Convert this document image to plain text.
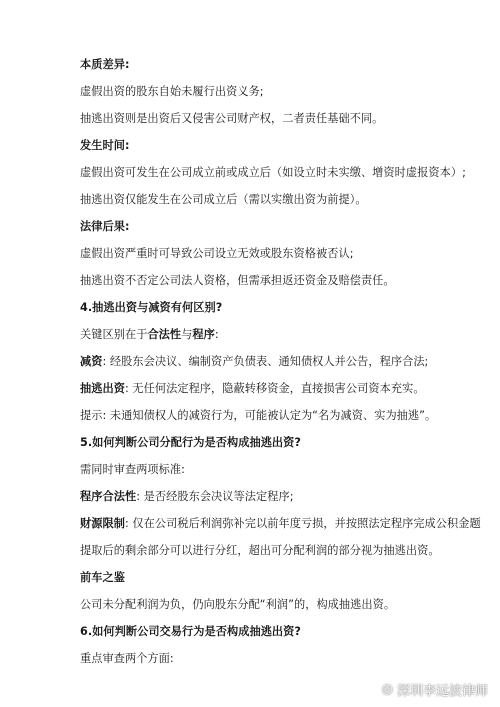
本质差异:
虚假出资的股东自始未履行出资义务;
抽逃出资则是出资后又侵害公司财产权，二者责任基础不同。
发生时间:
虚假出资可发生在公司成立前或成立后（如设立时未实缴、增资时虚报资本）;
抽逃出资仅能发生在公司成立后（需以实缴出资为前提）。
法律后果:
虚假出资严重时可导致公司设立无效或股东资格被否认;
抽逃出资不否定公司法人资格，但需承担返还资金及赔偿责任。
4.抽逃出资与减资有何区别?
关键区别在于合法性与程序:
减资: 经股东会决议、编制资产负债表、通知债权人并公告，程序合法;
抽逃出资: 无任何法定程序，隐蔽转移资金，直接损害公司资本充实。
提示: 未通知债权人的减资行为，可能被认定为“名为减资、实为抽逃”。
5.如何判断公司分配行为是否构成抽逃出资?
需同时审查两项标准:
程序合法性: 是否经股东会决议等法定程序;
财源限制: 仅在公司税后利润弥补完以前年度亏损，并按照法定程序完成公积金题
提取后的剩余部分可以进行分红，超出可分配利润的部分视为抽逃出资。
前车之鉴
公司未分配利润为负，仍向股东分配“利润”的，构成抽逃出资。
6.如何判断公司交易行为是否构成抽逃出资?
重点审查两个方面:
◎ 深圳李远波律师
